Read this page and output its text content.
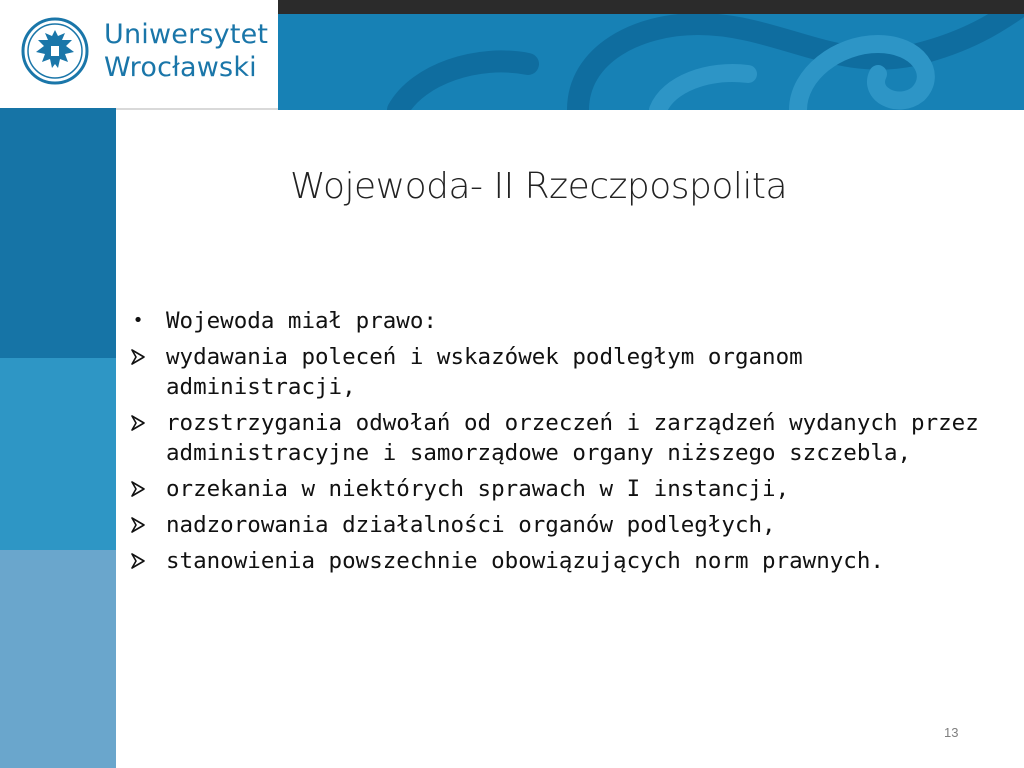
Uniwersytet
Wrocławski
Wojewoda- II Rzeczpospolita
• Wojewoda miał prawo:
wydawania poleceń i wskazówek podległym organom
administracji,
rozstrzygania odwołań od orzeczeń i zarządzeń wydanych przez
administracyjne i samorządowe organy niższego szczebla,
orzekania w niektórych sprawach w I instancji,
nadzorowania działalności organów podległych,
stanowienia powszechnie obowiązujących norm prawnych.
13
